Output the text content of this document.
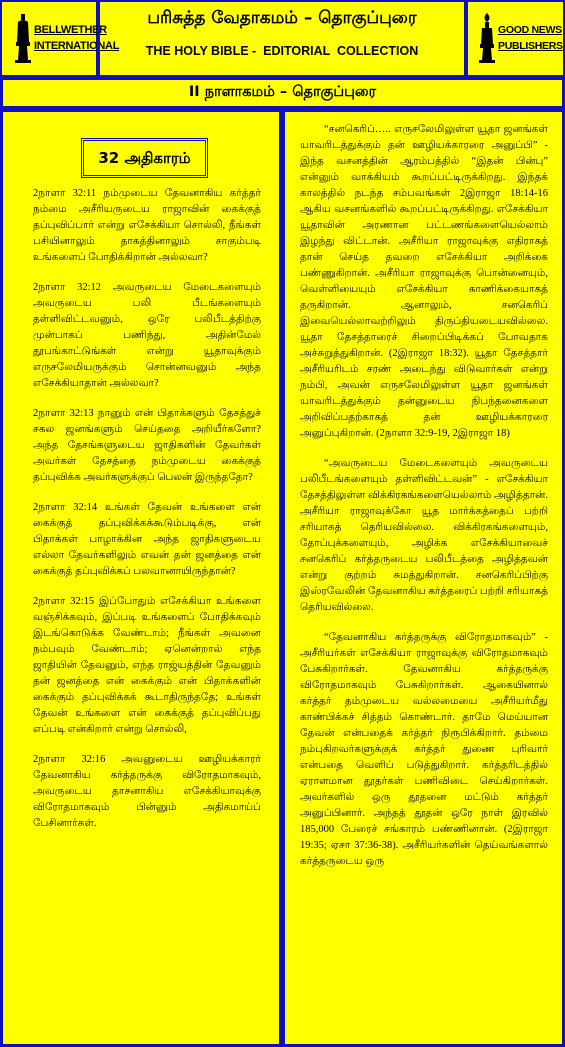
BELLWETHER
INTERNATIONAL
பரிசுத்த வேதாகமம் – தொகுப்புரை
THE HOLY BIBLE -  EDITORIAL  COLLECTION
GOOD NEWS
PUBLISHERS
II நாளாகமம் – தொகுப்புரை
32 அதிகாரம்

2நாளா 32:11 நம்முடைய தேவனாகிய கர்த்தர் நம்மை அசீரியருடைய ராஜாவின் கைக்குத் தப்புவிப்பார் என்று எசேக்கியா சொல்லி, நீங்கள் பசியினாலும் தாகத்தினாலும் சாகும்படி உங்களைப் போதிக்கிறான் அல்லவா?

2நாளா 32:12 அவருடைய மேடைகளையும் அவருடைய பலி பீடங்களையும் தள்ளிவிட்டவனும், ஒரே பலிபீடத்திற்கு முன்பாகப் பணிந்து, அதின்மேல் தூபங்காட்டுங்கள் என்று யூதாவுக்கும் எருசலேமியருக்கும் சொன்னவனும் அந்த எசேக்கியாதான் அல்லவா?

2நாளா 32:13 நானும் என் பிதாக்களும் தேசத்துச் சகல ஜனங்களும் செய்ததை அறியீர்களோ? அந்த தேசங்களுடைய ஜாதிகளின் தேவர்கள் அவர்கள் தேசத்தை நம்முடைய கைக்குத் தப்புவிக்க அவர்களுக்குப் பெலன் இருந்ததோ?

2நாளா 32:14 உங்கள் தேவன் உங்களை என் கைக்குத் தப்புவிக்கக்கூடும்படிக்கு, என் பிதாக்கள் பாழாக்கின அந்த ஜாதிகளுடைய எல்லா தேவர்களிலும் எவன் தன் ஜனத்தை என் கைக்குத் தப்புவிக்கப் பலவானாயிருந்தான்?

2நாளா 32:15 இப்போதும் எசேக்கியா உங்களை வஞ்சிக்கவும், இப்படி உங்களைப் போதிக்கவும் இடங்கொடுக்க வேண்டாம்; நீங்கள் அவனை நம்பவும் வேண்டாம்; ஏனென்றால் எந்த ஜாதியின் தேவனும், எந்த ராஜ்யத்தின் தேவனும் தன் ஜனத்தை என் கைக்கும் என் பிதாக்களின் கைக்கும் தப்புவிக்கக் கூடாதிருந்ததே; உங்கள் தேவன் உங்களை என் கைக்குத் தப்புவிப்பது எப்படி என்கிறார் என்று சொல்லி,

2நாளா 32:16 அவனுடைய ஊழியக்காரர் தேவனாகிய கர்த்தருக்கு விரோதமாகவும், அவருடைய தாசனாகிய எசேக்கியாவுக்கு விரோதமாகவும் பின்னும் அதிகமாய்ப் பேசினார்கள்.

“சனகெரிப்….. எருசலேமிலுள்ள யூதா ஜனங்கள் யாவரிடத்துக்கும் தன் ஊழியக்காரரை அனுப்பி” - இந்த வசனத்தின் ஆரம்பத்தில் “இதன் பின்பு” என்னும் வாக்கியம் கூறப்பட்டிருக்கிறது. இந்தக் காலத்தில் நடந்த சம்பவங்கள் 2இராஜா 18:14-16 ஆகிய வசனங்களில் கூறப்பட்டிருக்கிறது. எசேக்கியா யூதாவின் அரணான பட்டணங்களையெல்லாம் இழந்து விட்டான். அசீரியா ராஜாவுக்கு எதிராகத் தான் செய்த தவறை எசேக்கியா அறிக்கை பண்ணுகிறான். அசீரியா ராஜாவுக்கு பொன்னையும், வெள்ளியையும் எசேக்கியா காணிக்கையாகத் தருகிறான். ஆனாலும், சனகெரிப் இவையெல்லாவற்றிலும் திருப்தியடையவில்லை. யூதா தேசத்தாரைச் சிறைப்பிடிக்கப் போவதாக அச்சுறுத்துகிறான். (2இராஜா 18:32). யூதா தேசத்தார் அசீரியரிடம் சரண் அடைந்து விடுவார்கள் என்று நம்பி, அவன் எருசலேமிலுள்ள யூதா ஜனங்கள் யாவரிடத்துக்கும் தன்னுடைய நிபந்தனைகளை அறிவிப்பதற்காகத் தன் ஊழியக்காரரை அனுப்புகிறான். (2நாளா 32:9-19, 2இராஜா 18)

“அவருடைய மேடைகளையும் அவருடைய பலிபீடங்களையும் தள்ளிவிட்டவன்” - எசேக்கியா தேசத்திலுள்ள விக்கிரகங்களையெல்லாம் அழித்தான். அசீரியா ராஜாவுக்கோ யூத மார்க்கத்தைப் பற்றி சரியாகத் தெரியவில்லை. விக்கிரகங்களையும், தோப்புக்களையும், அழிக்க எசேக்கியாவைச் சனகெரிப் கர்த்தருடைய பலிபீடத்தை அழித்தவன் என்று குற்றம் சுமத்துகிறான். சனகெரிப்பிற்கு இஸ்ரவேலின் தேவனாகிய கர்த்தரைப் பற்றி சரியாகத் தெரியவில்லை.

“தேவனாகிய கர்த்தருக்கு விரோதமாகவும்” - அசீரியர்கள் எசேக்கியா ராஜாவுக்கு விரோதமாகவும் பேசுகிறார்கள். தேவனாகிய கர்த்தருக்கு விரோதமாகவும் பேசுகிறார்கள். ஆகையினால் கர்த்தர் தம்முடைய வல்லமையை அசீரியர்மீது காண்பிக்கச் சித்தம் கொண்டார். தாமே மெய்யான தேவன் என்பதைக் கர்த்தர் நிரூபிக்கிறார். தம்மை நம்புகிறவர்களுக்குக் கர்த்தர் துணை புரிவார் என்பதை வெளிப் படுத்துகிறார். கர்த்தரிடத்தில் ஏராளமான தூதர்கள் பணிவிடை செய்கிறார்கள். அவர்களில் ஒரு தூதனை மட்டும் கர்த்தர் அனுப்பினார். அந்தத் தூதன் ஒரே நாள் இரவில் 185,000 பேரைச் சங்காரம் பண்ணினான். (2இராஜா 19:35; ஏசா 37:36-38). அசீரியர்களின் தெய்வங்களால் கர்த்தருடைய ஒரு
